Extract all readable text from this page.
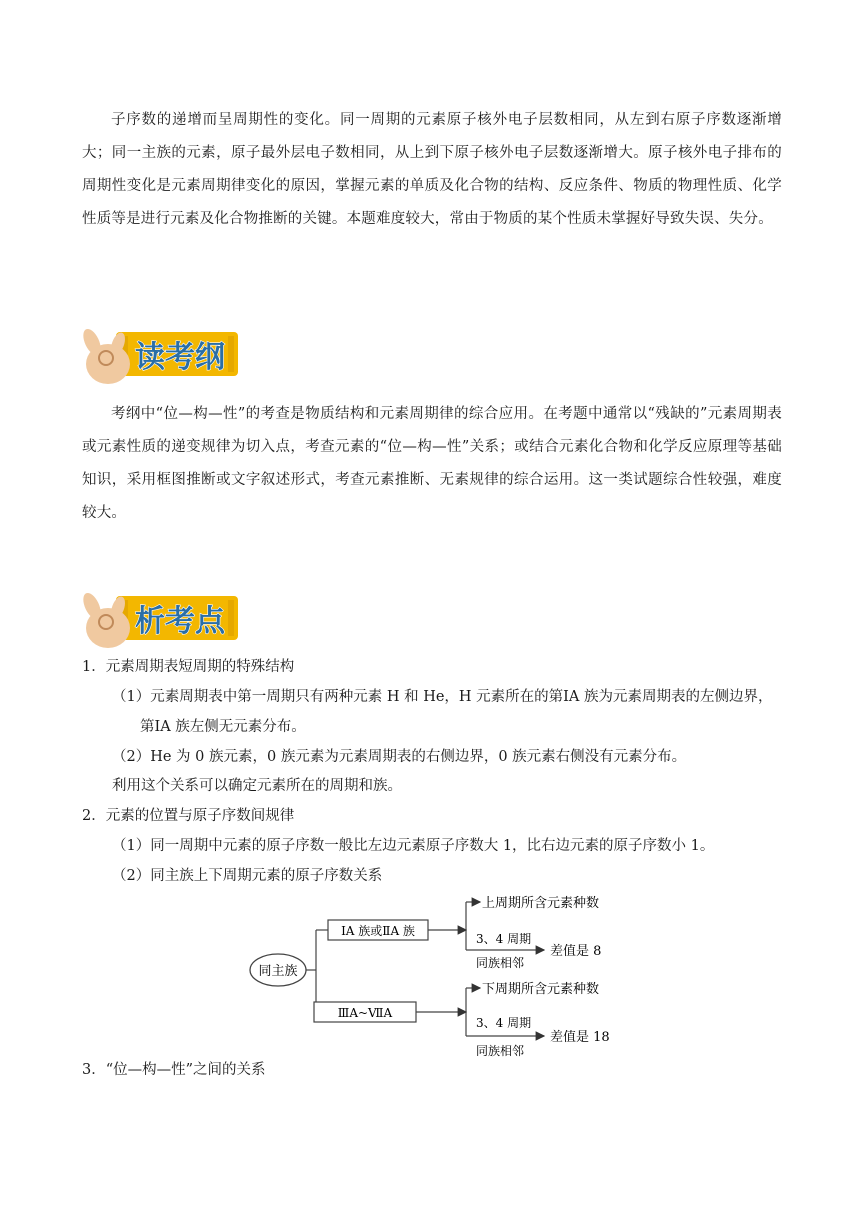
子序数的递增而呈周期性的变化。同一周期的元素原子核外电子层数相同，从左到右原子序数逐渐增大；同一主族的元素，原子最外层电子数相同，从上到下原子核外电子层数逐渐增大。原子核外电子排布的周期性变化是元素周期律变化的原因，掌握元素的单质及化合物的结构、反应条件、物质的物理性质、化学性质等是进行元素及化合物推断的关键。本题难度较大，常由于物质的某个性质未掌握好导致失误、失分。

读考纲

考纲中“位—构—性”的考查是物质结构和元素周期律的综合应用。在考题中通常以“残缺的”元素周期表或元素性质的递变规律为切入点，考查元素的“位—构—性”关系；或结合元素化合物和化学反应原理等基础知识，采用框图推断或文字叙述形式，考查元素推断、无素规律的综合运用。这一类试题综合性较强，难度较大。

析考点
1．元素周期表短周期的特殊结构
（1）元素周期表中第一周期只有两种元素 H 和 He，H 元素所在的第ⅠA 族为元素周期表的左侧边界，
第ⅠA 族左侧无元素分布。
（2）He 为 0 族元素，0 族元素为元素周期表的右侧边界，0 族元素右侧没有元素分布。
利用这个关系可以确定元素所在的周期和族。
2．元素的位置与原子序数间规律
（1）同一周期中元素的原子序数一般比左边元素原子序数大 1，比右边元素的原子序数小 1。
（2）同主族上下周期元素的原子序数关系
同主族
ⅠA 族或ⅡA 族
ⅢA~ⅦA
上周期所含元素种数
3、4 周期
同族相邻
差值是 8
下周期所含元素种数
3、4 周期
同族相邻
差值是 18
3．“位—构—性”之间的关系
